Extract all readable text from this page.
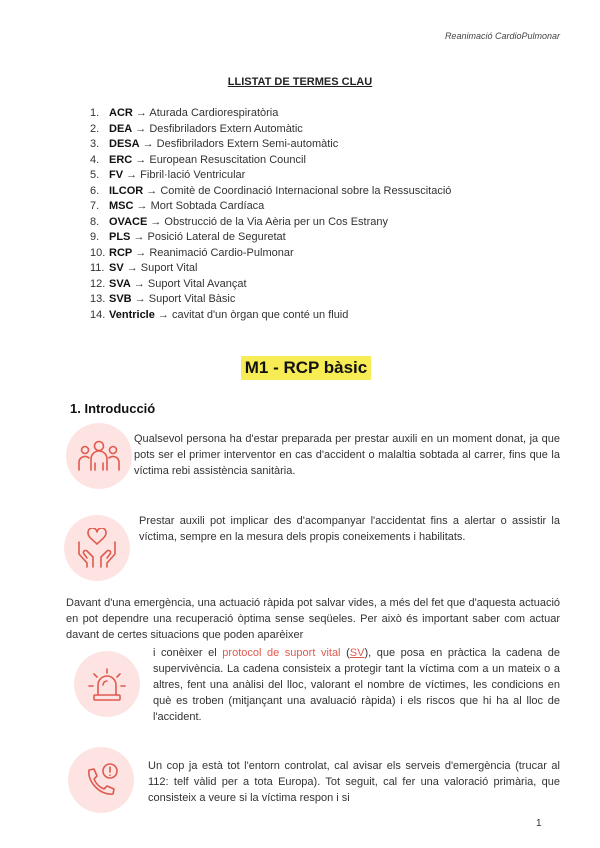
Reanimació CardioPulmonar
LLISTAT DE TERMES CLAU
1. ACR → Aturada Cardiorespiratòria
2. DEA → Desfibriladors Extern Automàtic
3. DESA → Desfibriladors Extern Semi-automàtic
4. ERC → European Resuscitation Council
5. FV → Fibril·lació Ventricular
6. ILCOR → Comitè de Coordinació Internacional sobre la Ressuscitació
7. MSC → Mort Sobtada Cardíaca
8. OVACE → Obstrucció de la Via Aèria per un Cos Estrany
9. PLS → Posició Lateral de Seguretat
10. RCP → Reanimació Cardio-Pulmonar
11. SV → Suport Vital
12. SVA → Suport Vital Avançat
13. SVB → Suport Vital Bàsic
14. Ventricle → cavitat d'un òrgan que conté un fluid
M1 - RCP bàsic
1. Introducció
Qualsevol persona ha d'estar preparada per prestar auxili en un moment donat, ja que pots ser el primer interventor en cas d'accident o malaltia sobtada al carrer, fins que la víctima rebi assistència sanitària.
Prestar auxili pot implicar des d'acompanyar l'accidentat fins a alertar o assistir la víctima, sempre en la mesura dels propis coneixements i habilitats.
Davant d'una emergència, una actuació ràpida pot salvar vides, a més del fet que d'aquesta actuació en pot dependre una recuperació òptima sense seqüeles. Per això és important saber com actuar davant de certes situacions que poden aparèixer
i conèixer el protocol de suport vital (SV), que posa en pràctica la cadena de supervivència. La cadena consisteix a protegir tant la víctima com a un mateix o a altres, fent una anàlisi del lloc, valorant el nombre de víctimes, les condicions en què es troben (mitjançant una avaluació ràpida) i els riscos que hi ha al lloc de l'accident.
Un cop ja està tot l'entorn controlat, cal avisar els serveis d'emergència (trucar al 112: telf vàlid per a tota Europa). Tot seguit, cal fer una valoració primària, que consisteix a veure si la víctima respon i si
1
